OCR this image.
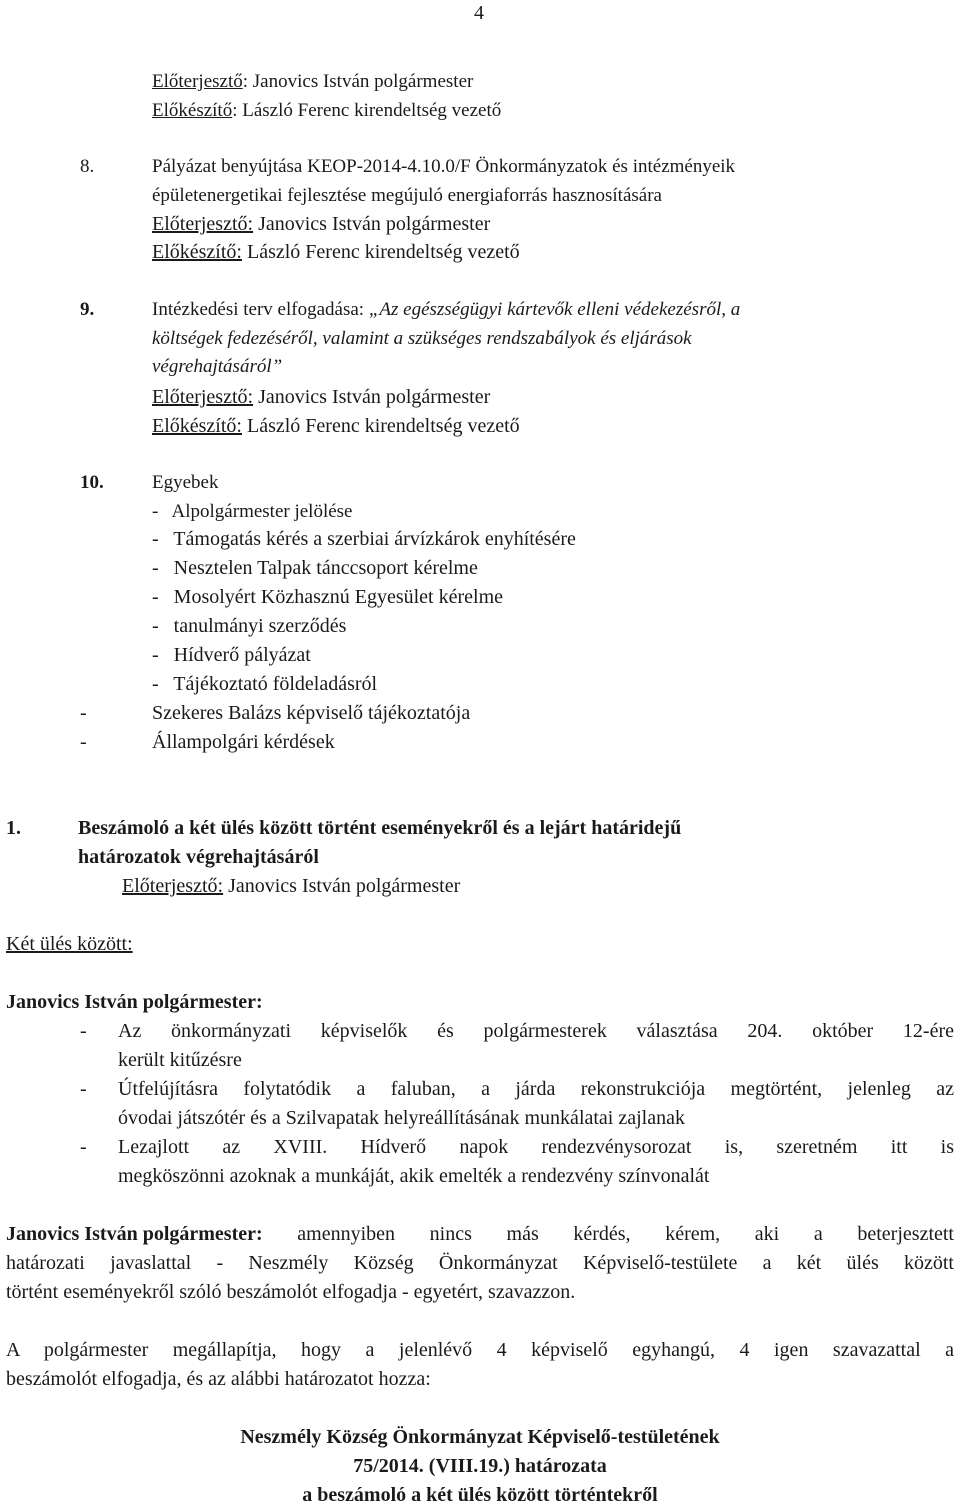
4
Előterjesztő: Janovics István polgármester
Előkészítő: László Ferenc kirendeltség vezető
8.	Pályázat benyújtása KEOP-2014-4.10.0/F Önkormányzatok és intézményeik
épületenergetikai fejlesztése megújuló energiaforrás hasznosítására
Előterjesztő: Janovics István polgármester
Előkészítő: László Ferenc kirendeltség vezető
9.	Intézkedési terv elfogadása: „Az egészségügyi kártevők elleni védekezésről, a
költségek fedezéséről, valamint a szükséges rendszabályok és eljárások
végrehajtásáról”
Előterjesztő: Janovics István polgármester
Előkészítő: László Ferenc kirendeltség vezető
10.	Egyebek
-   Alpolgármester jelölése
-   Támogatás kérés a szerbiai árvízkárok enyhítésére
-   Nesztelen Talpak tánccsoport kérelme
-   Mosolyért Közhasznú Egyesület kérelme
-   tanulmányi szerződés
-   Hídverő pályázat
-   Tájékoztató földeladásról
-	Szekeres Balázs képviselő tájékoztatója
-	Állampolgári kérdések
1.	Beszámoló a két ülés között történt eseményekről és a lejárt határidejű
határozatok végrehajtásáról
Előterjesztő: Janovics István polgármester
Két ülés között:
Janovics István polgármester:
- Az önkormányzati képviselők és polgármesterek választása 204. október 12-ére
került kitűzésre
- Útfelújításra folytatódik a faluban, a járda rekonstrukciója megtörtént, jelenleg az
óvodai játszótér és a Szilvapatak helyreállításának munkálatai zajlanak
- Lezajlott az XVIII. Hídverő napok rendezvénysorozat is, szeretném itt is
megköszönni azoknak a munkáját, akik emelték a rendezvény színvonalát
Janovics István polgármester: amennyiben nincs más kérdés, kérem, aki a beterjesztett
határozati javaslattal - Neszmély Község Önkormányzat Képviselő-testülete a két ülés között
történt eseményekről szóló beszámolót elfogadja - egyetért, szavazzon.
A polgármester megállapítja, hogy a jelenlévő 4 képviselő egyhangú, 4 igen szavazattal a
beszámolót elfogadja, és az alábbi határozatot hozza:
Neszmély Község Önkormányzat Képviselő-testületének
75/2014. (VIII.19.) határozata
a beszámoló a két ülés között történtekről
